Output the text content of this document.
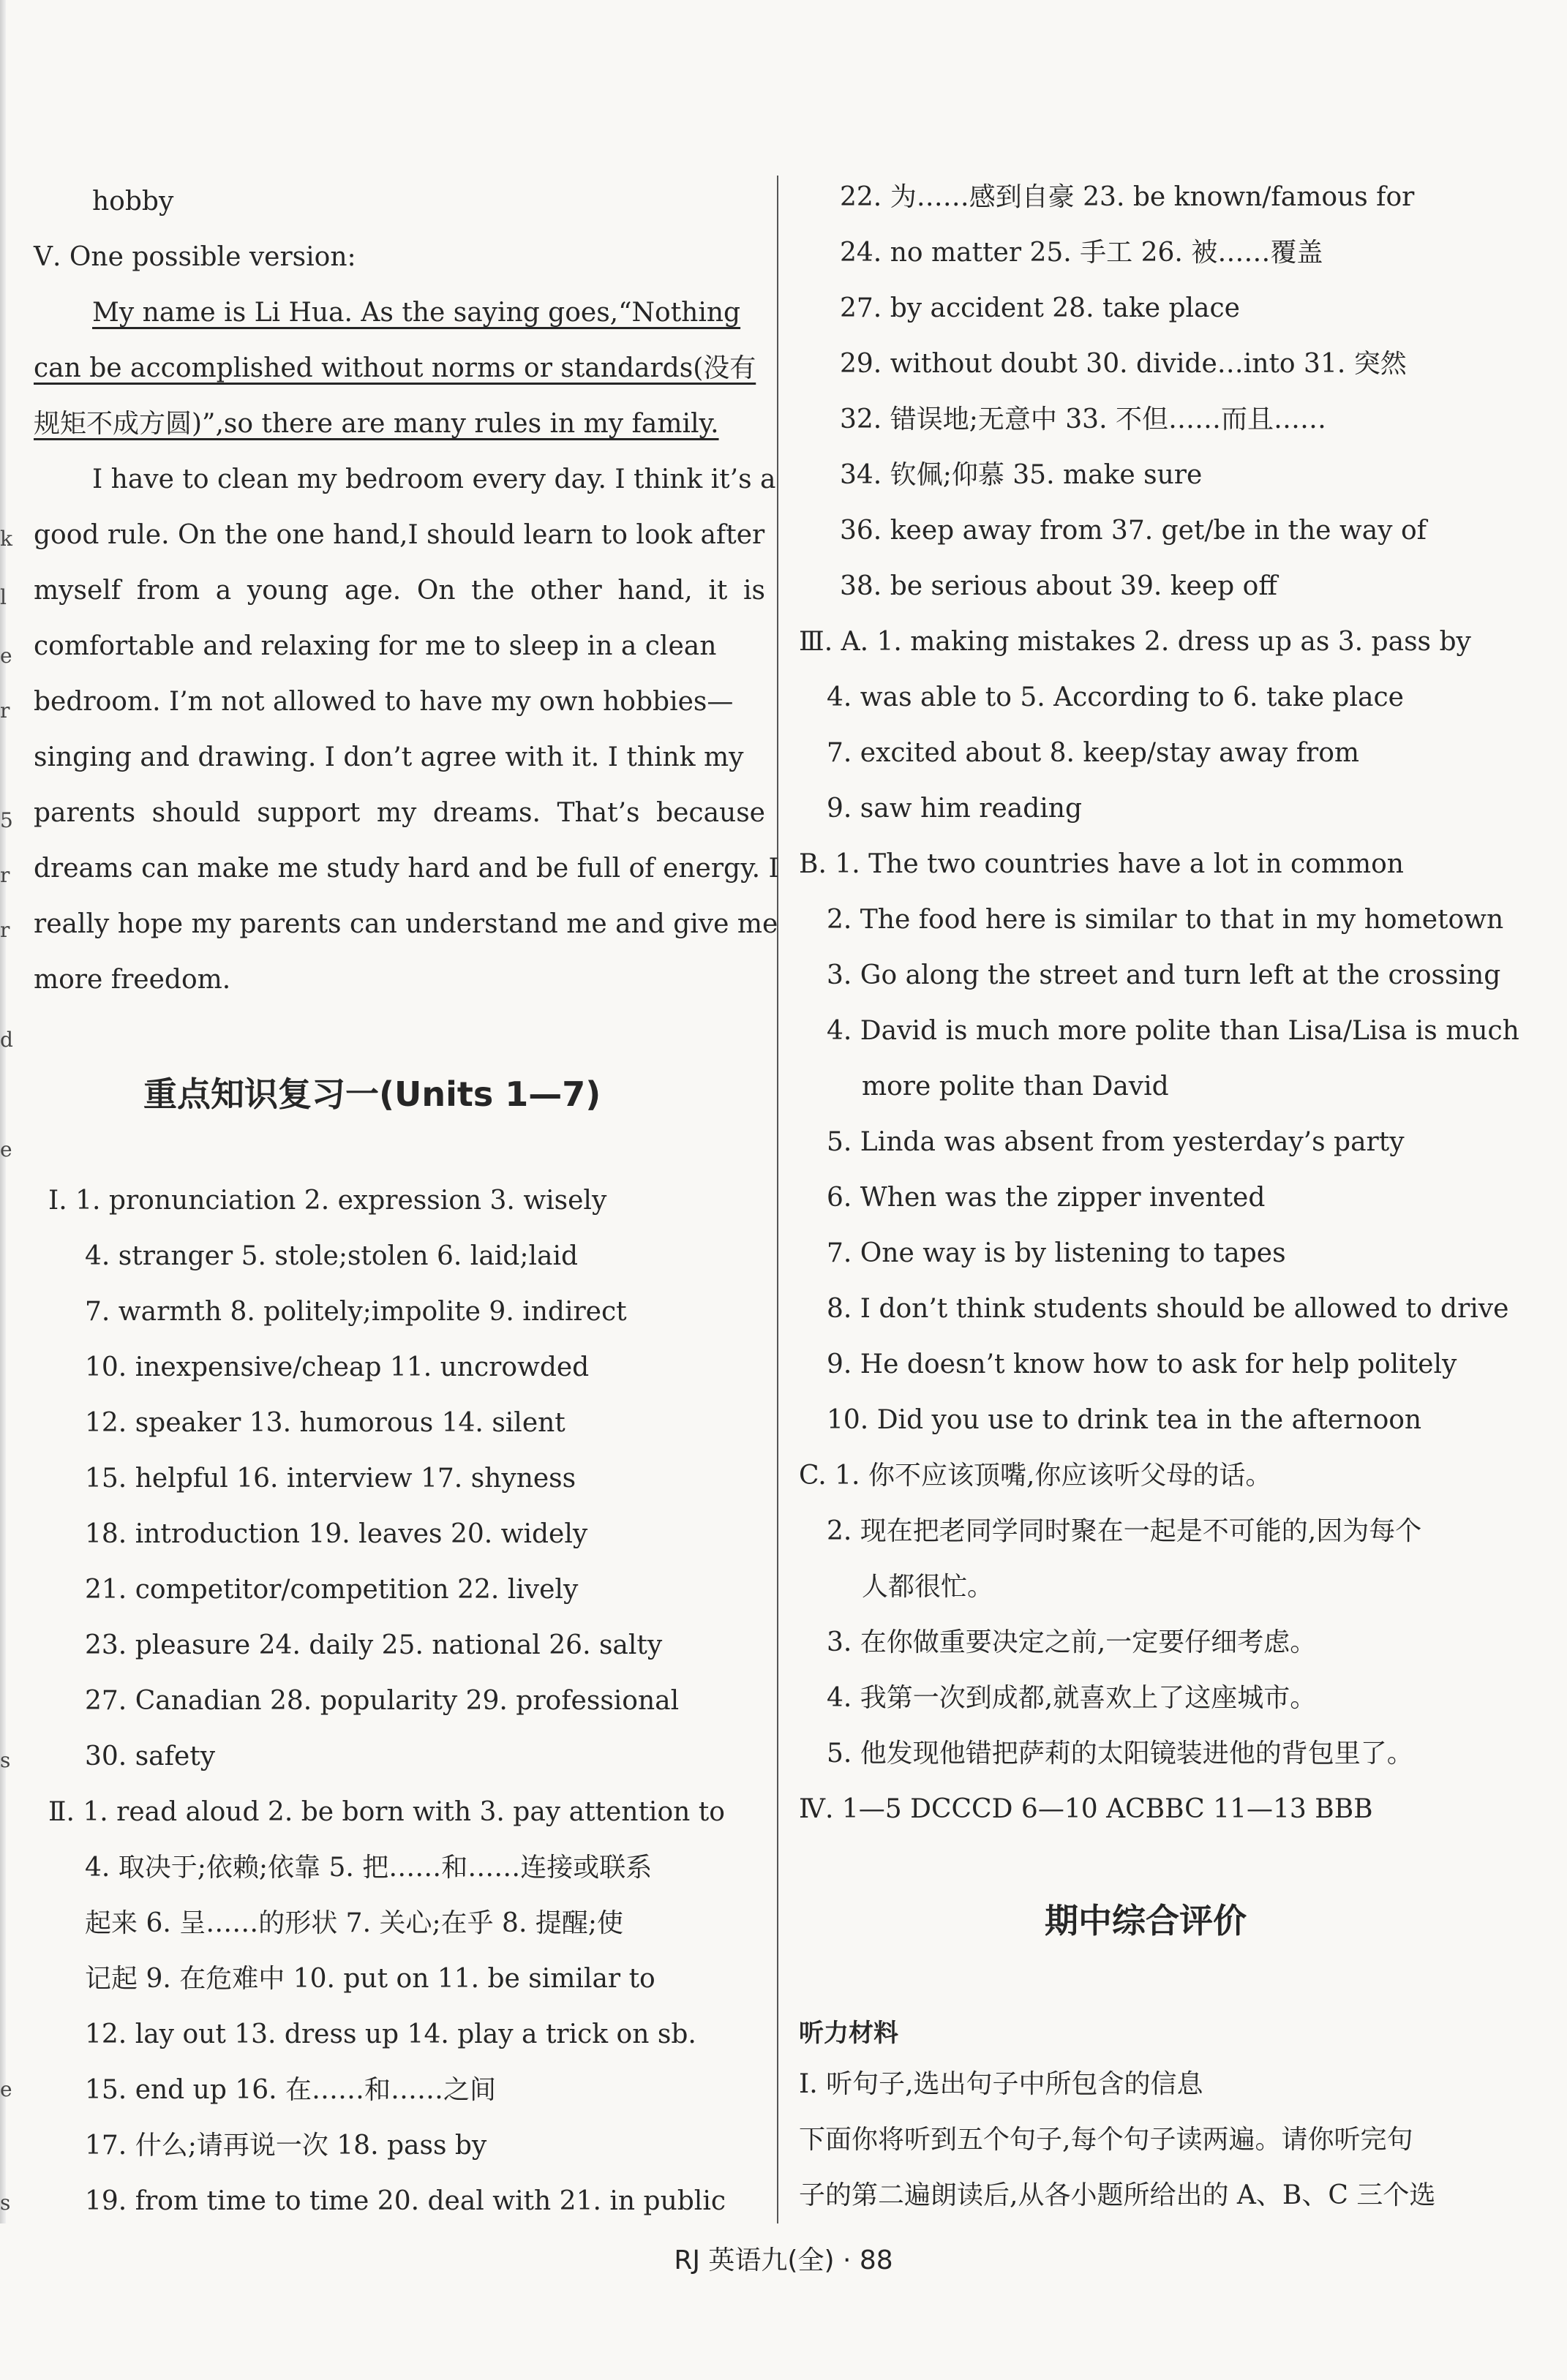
k
l
e
r
5
r
r
d
e
s
e
s
hobby
Ⅴ. One possible version:
My name is Li Hua. As the saying goes,“Nothing
can be accomplished without norms or standards(没有
规矩不成方圆)”,so there are many rules in my family.
I have to clean my bedroom every day. I think it’s a
good rule. On the one hand,I should learn to look after
myself from a young age. On the other hand, it is
comfortable and relaxing for me to sleep in a clean
bedroom. I’m not allowed to have my own hobbies—
singing and drawing. I don’t agree with it. I think my
parents should support my dreams. That’s because
dreams can make me study hard and be full of energy. I
really hope my parents can understand me and give me
more freedom.
重点知识复习一(Units 1—7)
Ⅰ. 1. pronunciation 2. expression 3. wisely
4. stranger 5. stole;stolen 6. laid;laid
7. warmth 8. politely;impolite 9. indirect
10. inexpensive/cheap 11. uncrowded
12. speaker 13. humorous 14. silent
15. helpful 16. interview 17. shyness
18. introduction 19. leaves 20. widely
21. competitor/competition 22. lively
23. pleasure 24. daily 25. national 26. salty
27. Canadian 28. popularity 29. professional
30. safety
Ⅱ. 1. read aloud 2. be born with 3. pay attention to
4. 取决于;依赖;依靠 5. 把……和……连接或联系
起来 6. 呈……的形状 7. 关心;在乎 8. 提醒;使
记起 9. 在危难中 10. put on 11. be similar to
12. lay out 13. dress up 14. play a trick on sb.
15. end up 16. 在……和……之间
17. 什么;请再说一次 18. pass by
19. from time to time 20. deal with 21. in public
22. 为……感到自豪 23. be known/famous for
24. no matter 25. 手工 26. 被……覆盖
27. by accident 28. take place
29. without doubt 30. divide…into 31. 突然
32. 错误地;无意中 33. 不但……而且……
34. 钦佩;仰慕 35. make sure
36. keep away from 37. get/be in the way of
38. be serious about 39. keep off
Ⅲ. A. 1. making mistakes 2. dress up as 3. pass by
4. was able to 5. According to 6. take place
7. excited about 8. keep/stay away from
9. saw him reading
B. 1. The two countries have a lot in common
2. The food here is similar to that in my hometown
3. Go along the street and turn left at the crossing
4. David is much more polite than Lisa/Lisa is much
more polite than David
5. Linda was absent from yesterday’s party
6. When was the zipper invented
7. One way is by listening to tapes
8. I don’t think students should be allowed to drive
9. He doesn’t know how to ask for help politely
10. Did you use to drink tea in the afternoon
C. 1. 你不应该顶嘴,你应该听父母的话。
2. 现在把老同学同时聚在一起是不可能的,因为每个
人都很忙。
3. 在你做重要决定之前,一定要仔细考虑。
4. 我第一次到成都,就喜欢上了这座城市。
5. 他发现他错把萨莉的太阳镜装进他的背包里了。
Ⅳ. 1—5 DCCCD 6—10 ACBBC 11—13 BBB
期中综合评价
听力材料
Ⅰ. 听句子,选出句子中所包含的信息
下面你将听到五个句子,每个句子读两遍。请你听完句
子的第二遍朗读后,从各小题所给出的 A、B、C 三个选
RJ 英语九(全) · 88
